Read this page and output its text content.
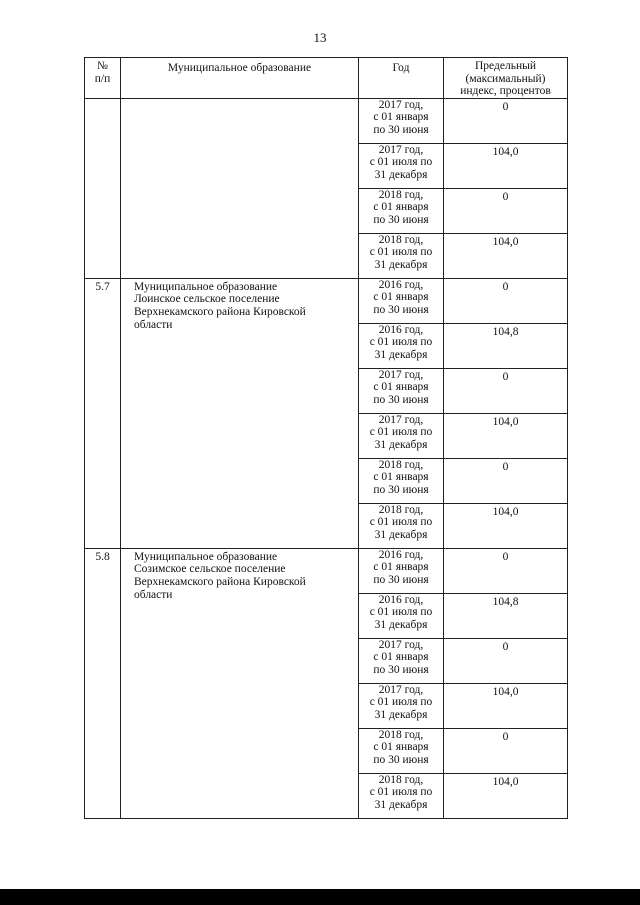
13
№
п/п	Муниципальное образование	Год	Предельный
(максимальный)
индекс, процентов

		2017 год,
с 01 января
по 30 июня	0

		2017 год,
с 01 июля по
31 декабря	104,0

		2018 год,
с 01 января
по 30 июня	0

		2018 год,
с 01 июля по
31 декабря	104,0
5.7	Муниципальное образование
Лоинское сельское поселение
Верхнекамского района Кировской
области	2016 год,
с 01 января
по 30 июня	0

		2016 год,
с 01 июля по
31 декабря	104,8

		2017 год,
с 01 января
по 30 июня	0

		2017 год,
с 01 июля по
31 декабря	104,0

		2018 год,
с 01 января
по 30 июня	0

		2018 год,
с 01 июля по
31 декабря	104,0
5.8	Муниципальное образование
Созимское сельское поселение
Верхнекамского района Кировской
области	2016 год,
с 01 января
по 30 июня	0

		2016 год,
с 01 июля по
31 декабря	104,8

		2017 год,
с 01 января
по 30 июня	0

		2017 год,
с 01 июля по
31 декабря	104,0

		2018 год,
с 01 января
по 30 июня	0

		2018 год,
с 01 июля по
31 декабря	104,0
